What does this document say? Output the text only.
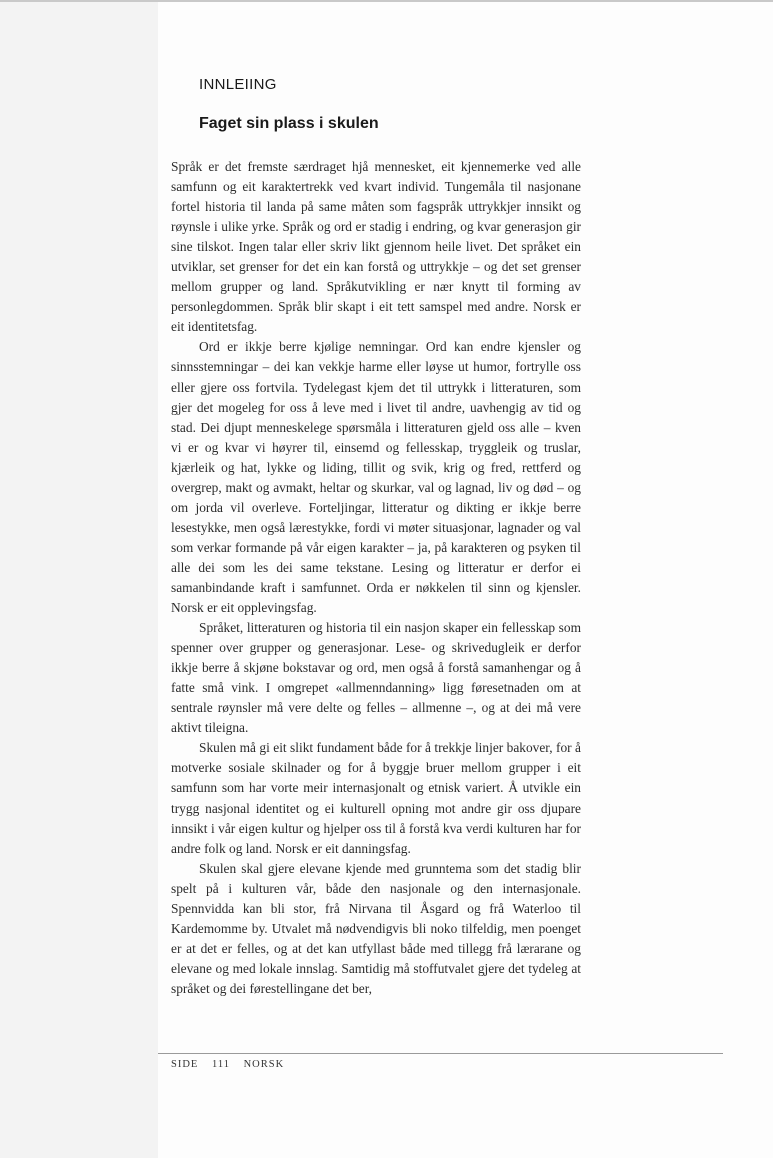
INNLEIING
Faget sin plass i skulen

Språk er det fremste særdraget hjå mennesket, eit kjennemerke ved alle samfunn og eit karaktertrekk ved kvart individ. Tungemåla til nasjonane fortel historia til landa på same måten som fagspråk uttrykkjer innsikt og røynsle i ulike yrke. Språk og ord er stadig i endring, og kvar generasjon gir sine tilskot. Ingen talar eller skriv likt gjennom heile livet. Det språket ein utviklar, set grenser for det ein kan forstå og uttrykkje – og det set grenser mellom grupper og land. Språkutvikling er nær knytt til forming av personlegdommen. Språk blir skapt i eit tett samspel med andre. Norsk er eit identitetsfag.

Ord er ikkje berre kjølige nemningar. Ord kan endre kjensler og sinnsstemningar – dei kan vekkje harme eller løyse ut humor, fortrylle oss eller gjere oss fortvila. Tydelegast kjem det til uttrykk i litteraturen, som gjer det mogeleg for oss å leve med i livet til andre, uavhengig av tid og stad. Dei djupt menneskelege spørsmåla i litteraturen gjeld oss alle – kven vi er og kvar vi høyrer til, einsemd og fellesskap, tryggleik og truslar, kjærleik og hat, lykke og liding, tillit og svik, krig og fred, rettferd og overgrep, makt og avmakt, heltar og skurkar, val og lagnad, liv og død – og om jorda vil overleve. Forteljingar, litteratur og dikting er ikkje berre lesestykke, men også lærestykke, fordi vi møter situasjonar, lagnader og val som verkar formande på vår eigen karakter – ja, på karakteren og psyken til alle dei som les dei same tekstane. Lesing og litteratur er derfor ei samanbindande kraft i samfunnet. Orda er nøkkelen til sinn og kjensler. Norsk er eit opplevingsfag.

Språket, litteraturen og historia til ein nasjon skaper ein fellesskap som spenner over grupper og generasjonar. Lese- og skrivedugleik er derfor ikkje berre å skjøne bokstavar og ord, men også å forstå samanhengar og å fatte små vink. I omgrepet «allmenndanning» ligg føresetnaden om at sentrale røynsler må vere delte og felles – allmenne –, og at dei må vere aktivt tileigna.

Skulen må gi eit slikt fundament både for å trekkje linjer bakover, for å motverke sosiale skilnader og for å byggje bruer mellom grupper i eit samfunn som har vorte meir internasjonalt og etnisk variert. Å utvikle ein trygg nasjonal identitet og ei kulturell opning mot andre gir oss djupare innsikt i vår eigen kultur og hjelper oss til å forstå kva verdi kulturen har for andre folk og land. Norsk er eit danningsfag.

Skulen skal gjere elevane kjende med grunntema som det stadig blir spelt på i kulturen vår, både den nasjonale og den internasjonale. Spennvidda kan bli stor, frå Nirvana til Åsgard og frå Waterloo til Kardemomme by. Utvalet må nødvendigvis bli noko tilfeldig, men poenget er at det er felles, og at det kan utfyllast både med tillegg frå lærarane og elevane og med lokale innslag. Samtidig må stoffutvalet gjere det tydeleg at språket og dei førestellingane det ber,

SIDE 111 NORSK
